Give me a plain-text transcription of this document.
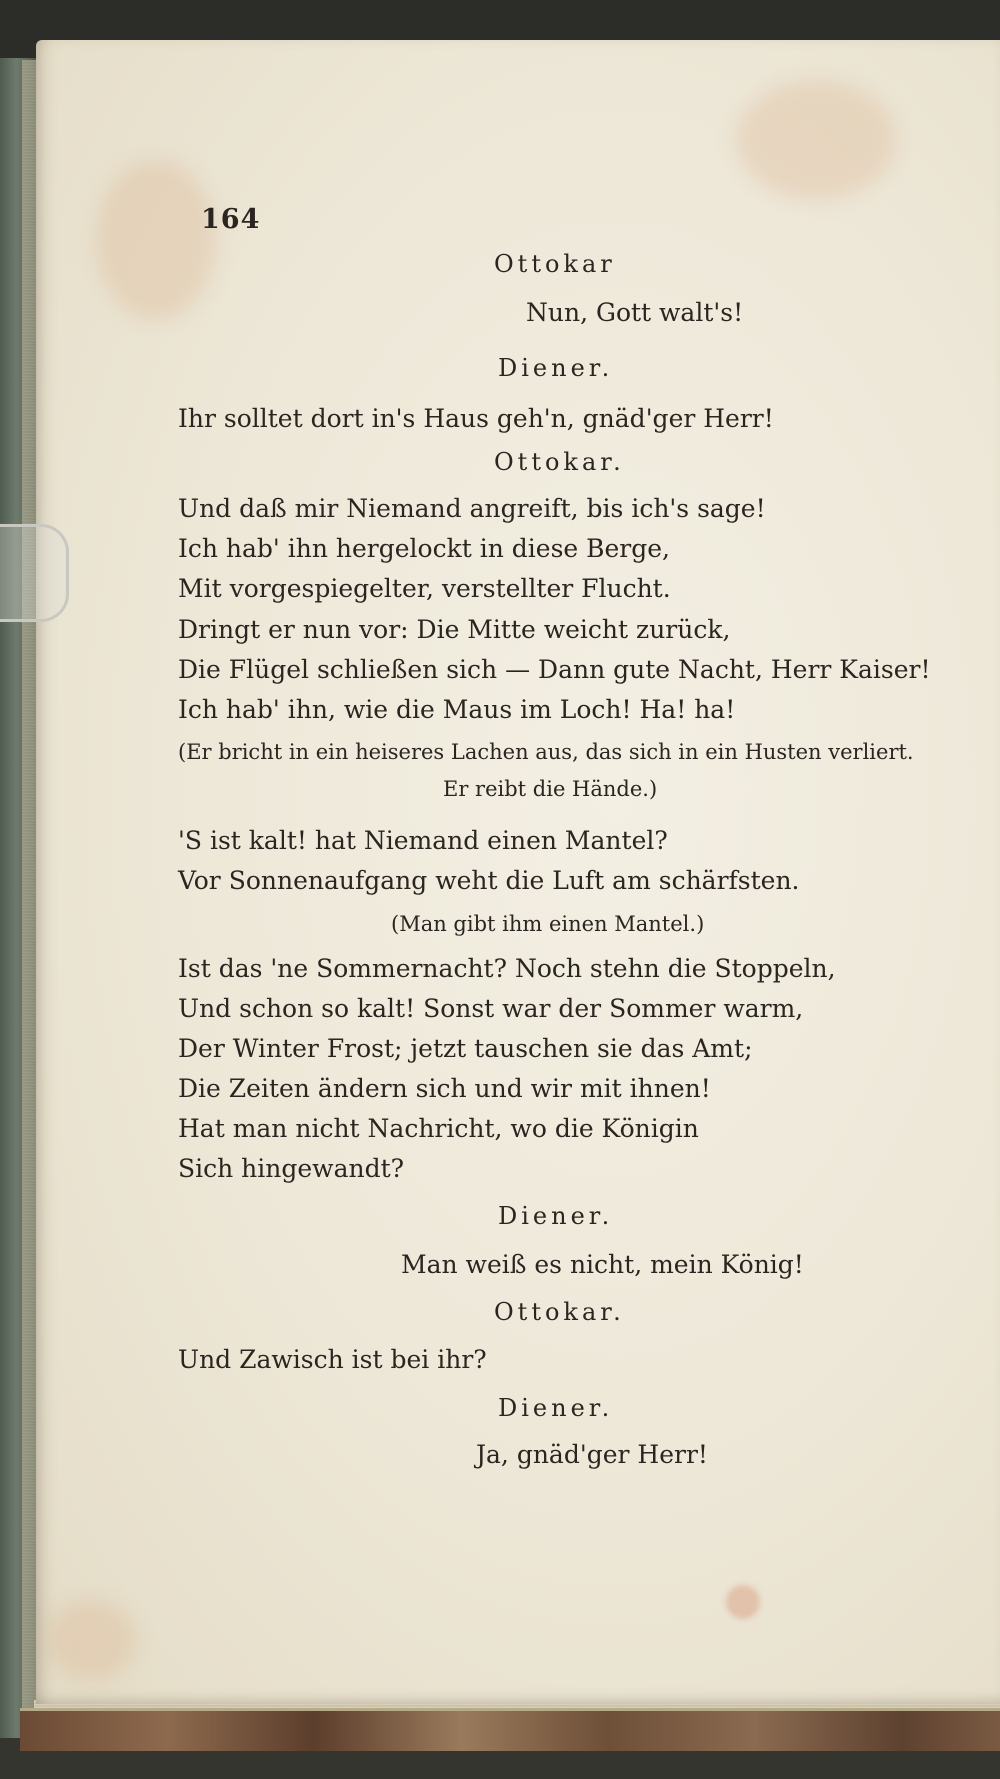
164
Ottokar
Nun, Gott walt's!
Diener.
Ihr solltet dort in's Haus geh'n, gnäd'ger Herr!
Ottokar.
Und daß mir Niemand angreift, bis ich's sage!
Ich hab' ihn hergelockt in diese Berge,
Mit vorgespiegelter, verstellter Flucht.
Dringt er nun vor: Die Mitte weicht zurück,
Die Flügel schließen sich — Dann gute Nacht, Herr Kaiser!
Ich hab' ihn, wie die Maus im Loch! Ha! ha!
(Er bricht in ein heiseres Lachen aus, das sich in ein Husten verliert.
Er reibt die Hände.)
'S ist kalt! hat Niemand einen Mantel?
Vor Sonnenaufgang weht die Luft am schärfsten.
(Man gibt ihm einen Mantel.)
Ist das 'ne Sommernacht? Noch stehn die Stoppeln,
Und schon so kalt! Sonst war der Sommer warm,
Der Winter Frost; jetzt tauschen sie das Amt;
Die Zeiten ändern sich und wir mit ihnen!
Hat man nicht Nachricht, wo die Königin
Sich hingewandt?
Diener.
Man weiß es nicht, mein König!
Ottokar.
Und Zawisch ist bei ihr?
Diener.
Ja, gnäd'ger Herr!
